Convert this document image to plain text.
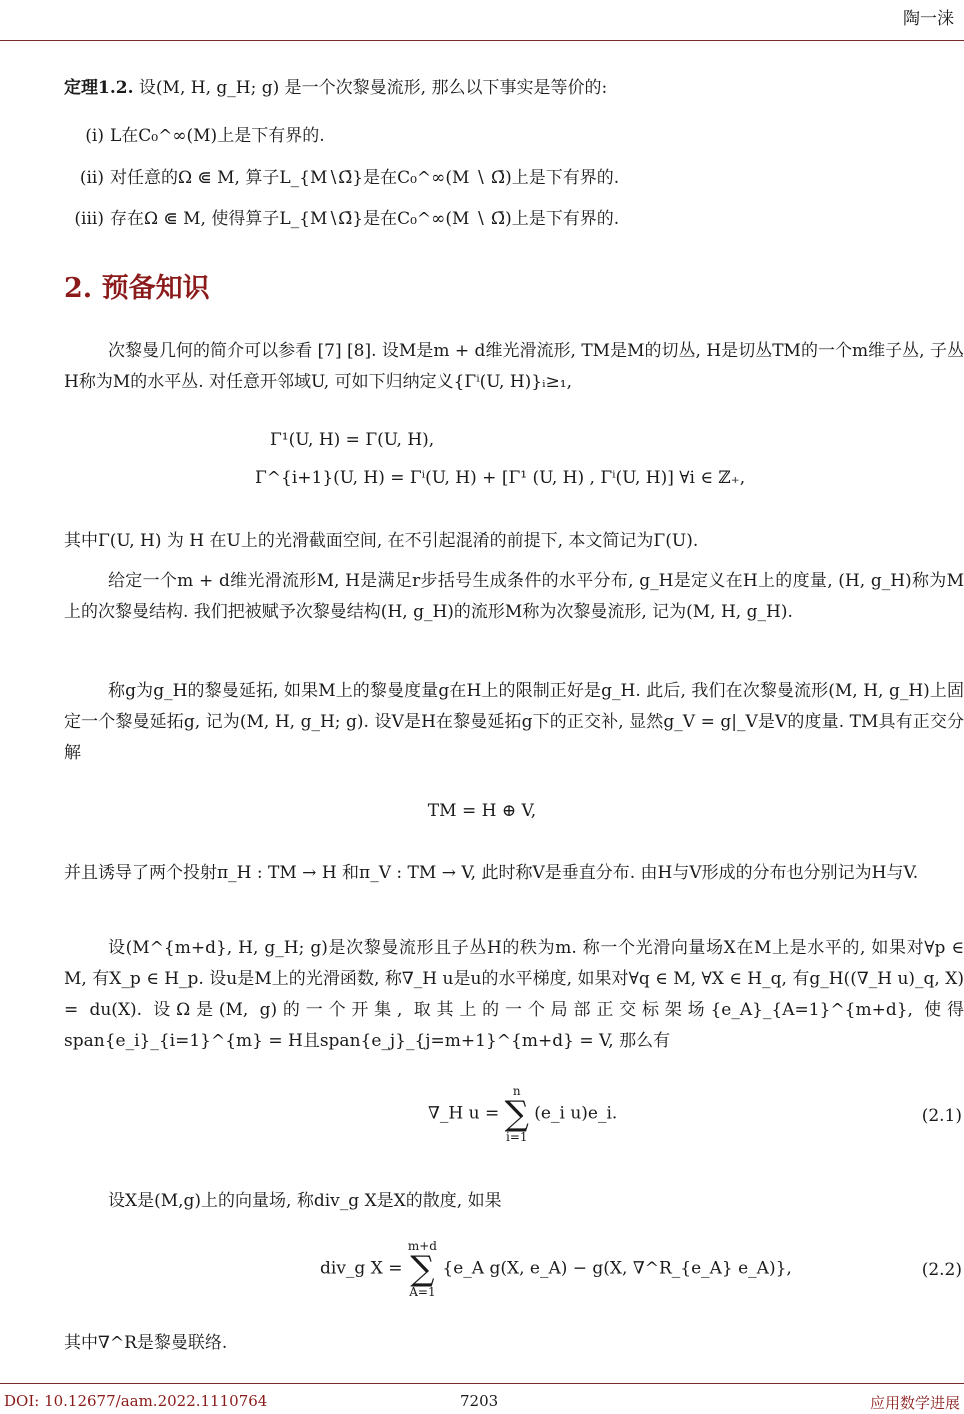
陶一涞
定理1.2. 设(M, H, g_H; g) 是一个次黎曼流形, 那么以下事实是等价的:
(i) L在C₀^∞(M)上是下有界的.
(ii) 对任意的Ω ⋐ M, 算子L_{M∖Ω̄}是在C₀^∞(M ∖ Ω̄)上是下有界的.
(iii) 存在Ω ⋐ M, 使得算子L_{M∖Ω̄}是在C₀^∞(M ∖ Ω̄)上是下有界的.
2. 预备知识
次黎曼几何的简介可以参看 [7] [8]. 设M是m + d维光滑流形, TM是M的切丛, H是切丛TM的一个m维子丛, 子丛H称为M的水平丛. 对任意开邻域U, 可如下归纳定义{Γⁱ(U, H)}ᵢ≥₁,
Γ¹(U, H) = Γ(U, H),
Γ^{i+1}(U, H) = Γⁱ(U, H) + [Γ¹ (U, H) , Γⁱ(U, H)] ∀i ∈ ℤ₊,
其中Γ(U, H) 为 H 在U上的光滑截面空间, 在不引起混淆的前提下, 本文简记为Γ(U).
给定一个m + d维光滑流形M, H是满足r步括号生成条件的水平分布, g_H是定义在H上的度量, (H, g_H)称为M上的次黎曼结构. 我们把被赋予次黎曼结构(H, g_H)的流形M称为次黎曼流形, 记为(M, H, g_H).
称g为g_H的黎曼延拓, 如果M上的黎曼度量g在H上的限制正好是g_H. 此后, 我们在次黎曼流形(M, H, g_H)上固定一个黎曼延拓g, 记为(M, H, g_H; g). 设V是H在黎曼延拓g下的正交补, 显然g_V = g|_V是V的度量. TM具有正交分解
TM = H ⊕ V,
并且诱导了两个投射π_H : TM → H 和π_V : TM → V, 此时称V是垂直分布. 由H与V形成的分布也分别记为H与V.
设(M^{m+d}, H, g_H; g)是次黎曼流形且子丛H的秩为m. 称一个光滑向量场X在M上是水平的, 如果对∀p ∈ M, 有X_p ∈ H_p. 设u是M上的光滑函数, 称∇_H u是u的水平梯度, 如果对∀q ∈ M, ∀X ∈ H_q, 有g_H((∇_H u)_q, X) = du(X). 设Ω是(M, g)的一个开集, 取其上的一个局部正交标架场{e_A}_{A=1}^{m+d}, 使得span{e_i}_{i=1}^{m} = H且span{e_j}_{j=m+1}^{m+d} = V, 那么有
∇_H u =
n
∑
i=1
(e_i u)e_i.	(2.1)
设X是(M,g)上的向量场, 称div_g X是X的散度, 如果
div_g X =
m+d
∑
A=1
{e_A g(X, e_A) − g(X, ∇^R_{e_A} e_A)},	(2.2)
其中∇^R是黎曼联络.
DOI: 10.12677/aam.2022.1110764	7203	应用数学进展
